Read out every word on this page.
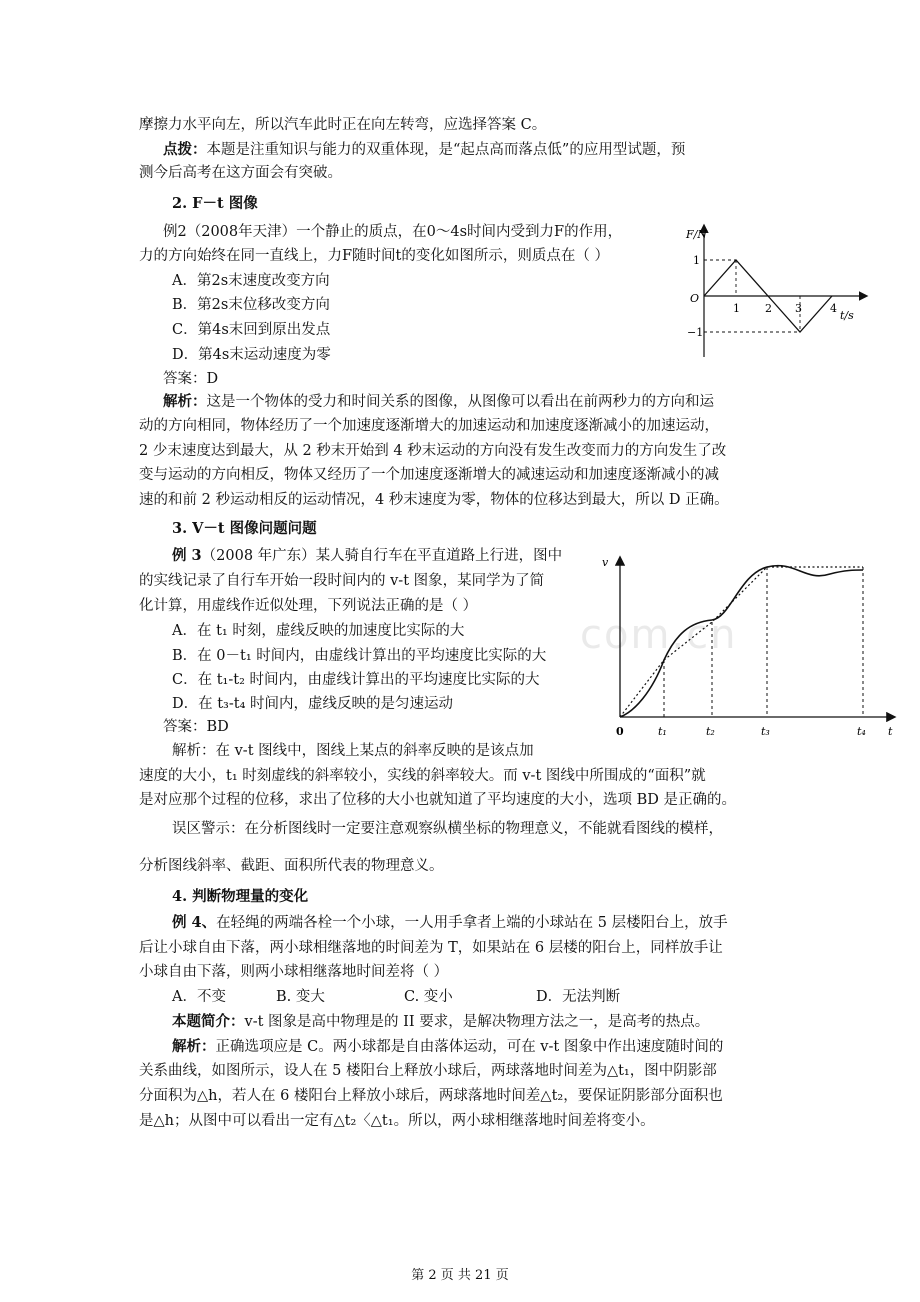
com.cn
摩擦力水平向左，所以汽车此时正在向左转弯，应选择答案 C。
点拨：本题是注重知识与能力的双重体现，是“起点高而落点低”的应用型试题，预
测今后高考在这方面会有突破。
2. F－t 图像
例2（2008年天津）一个静止的质点，在0～4s时间内受到力F的作用，
力的方向始终在同一直线上，力F随时间t的变化如图所示，则质点在（ ）
A．第2s末速度改变方向
B．第2s末位移改变方向
C．第4s末回到原出发点
D．第4s末运动速度为零
答案：D
解析：这是一个物体的受力和时间关系的图像，从图像可以看出在前两秒力的方向和运
动的方向相同，物体经历了一个加速度逐渐增大的加速运动和加速度逐渐减小的加速运动，
2 少末速度达到最大，从 2 秒末开始到 4 秒末运动的方向没有发生改变而力的方向发生了改
变与运动的方向相反，物体又经历了一个加速度逐渐增大的减速运动和加速度逐渐减小的减
速的和前 2 秒运动相反的运动情况，4 秒末速度为零，物体的位移达到最大，所以 D 正确。
F/N
t/s
O
1
−1
1 2 3	4
3. V－t 图像问题问题
例 3（2008 年广东）某人骑自行车在平直道路上行进，图中
的实线记录了自行车开始一段时间内的 v-t 图象，某同学为了简
化计算，用虚线作近似处理，下列说法正确的是（ ）
A．在 t₁ 时刻，虚线反映的加速度比实际的大
B．在 0－t₁ 时间内，由虚线计算出的平均速度比实际的大
C．在 t₁-t₂ 时间内，由虚线计算出的平均速度比实际的大
D．在 t₃-t₄ 时间内，虚线反映的是匀速运动
答案：BD
解析：在 v-t 图线中，图线上某点的斜率反映的是该点加
速度的大小，t₁ 时刻虚线的斜率较小，实线的斜率较大。而 v-t 图线中所围成的“面积”就
是对应那个过程的位移，求出了位移的大小也就知道了平均速度的大小，选项 BD 是正确的。
误区警示：在分析图线时一定要注意观察纵横坐标的物理意义，不能就看图线的模样，
分析图线斜率、截距、面积所代表的物理意义。
v
t
0	t₁	t₂	t₃	t₄
4. 判断物理量的变化
例 4、在轻绳的两端各栓一个小球，一人用手拿者上端的小球站在 5 层楼阳台上，放手
后让小球自由下落，两小球相继落地的时间差为 T，如果站在 6 层楼的阳台上，同样放手让
小球自由下落，则两小球相继落地时间差将（ ）
A．不变	B. 变大	C. 变小	D．无法判断
本题简介：v-t 图象是高中物理是的 II 要求，是解决物理方法之一，是高考的热点。
解析：正确选项应是 C。两小球都是自由落体运动，可在 v-t 图象中作出速度随时间的
关系曲线，如图所示，设人在 5 楼阳台上释放小球后，两球落地时间差为△t₁，图中阴影部
分面积为△h，若人在 6 楼阳台上释放小球后，两球落地时间差△t₂，要保证阴影部分面积也
是△h；从图中可以看出一定有△t₂〈△t₁。所以，两小球相继落地时间差将变小。
第 2 页 共 21 页
